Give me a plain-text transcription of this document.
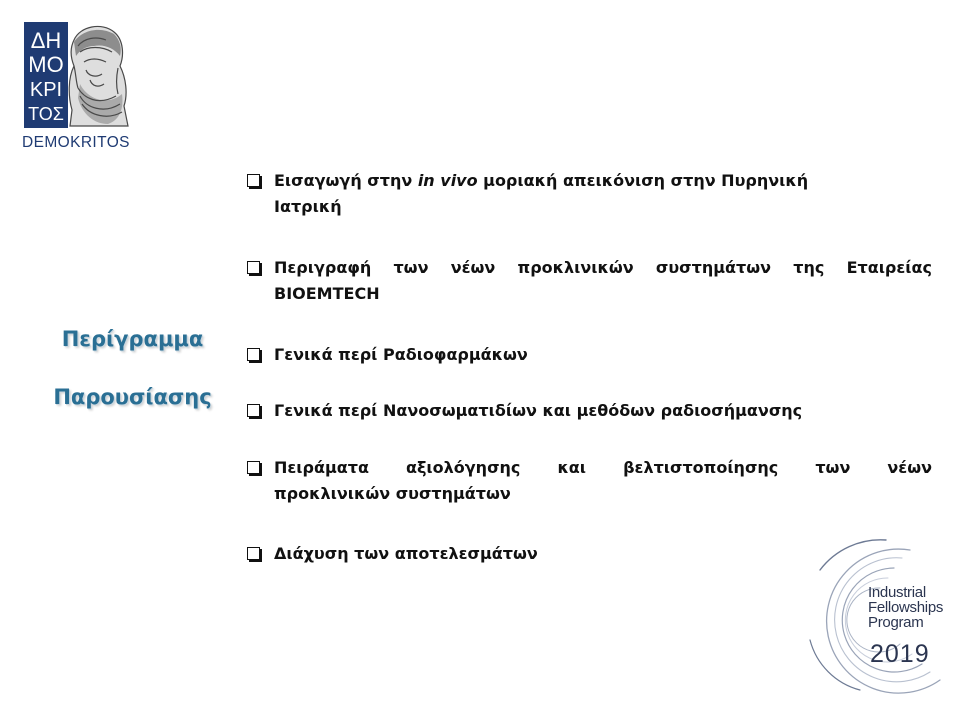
ΔΗ
ΜΟ
ΚΡΙ
ΤΟΣ
DEMOKRITOS
Περίγραμμα
Παρουσίασης
Εισαγωγή στην in vivo μοριακή απεικόνιση στην Πυρηνική
Ιατρική
Περιγραφή των νέων προκλινικών συστημάτων της Εταιρείας
BIOEMTECH
Γενικά περί Ραδιοφαρμάκων
Γενικά περί Νανοσωματιδίων και μεθόδων ραδιοσήμανσης
Πειράματα αξιολόγησης και βελτιστοποίησης των νέων
προκλινικών συστημάτων
Διάχυση των αποτελεσμάτων
Industrial
Fellowships
Program
2019
